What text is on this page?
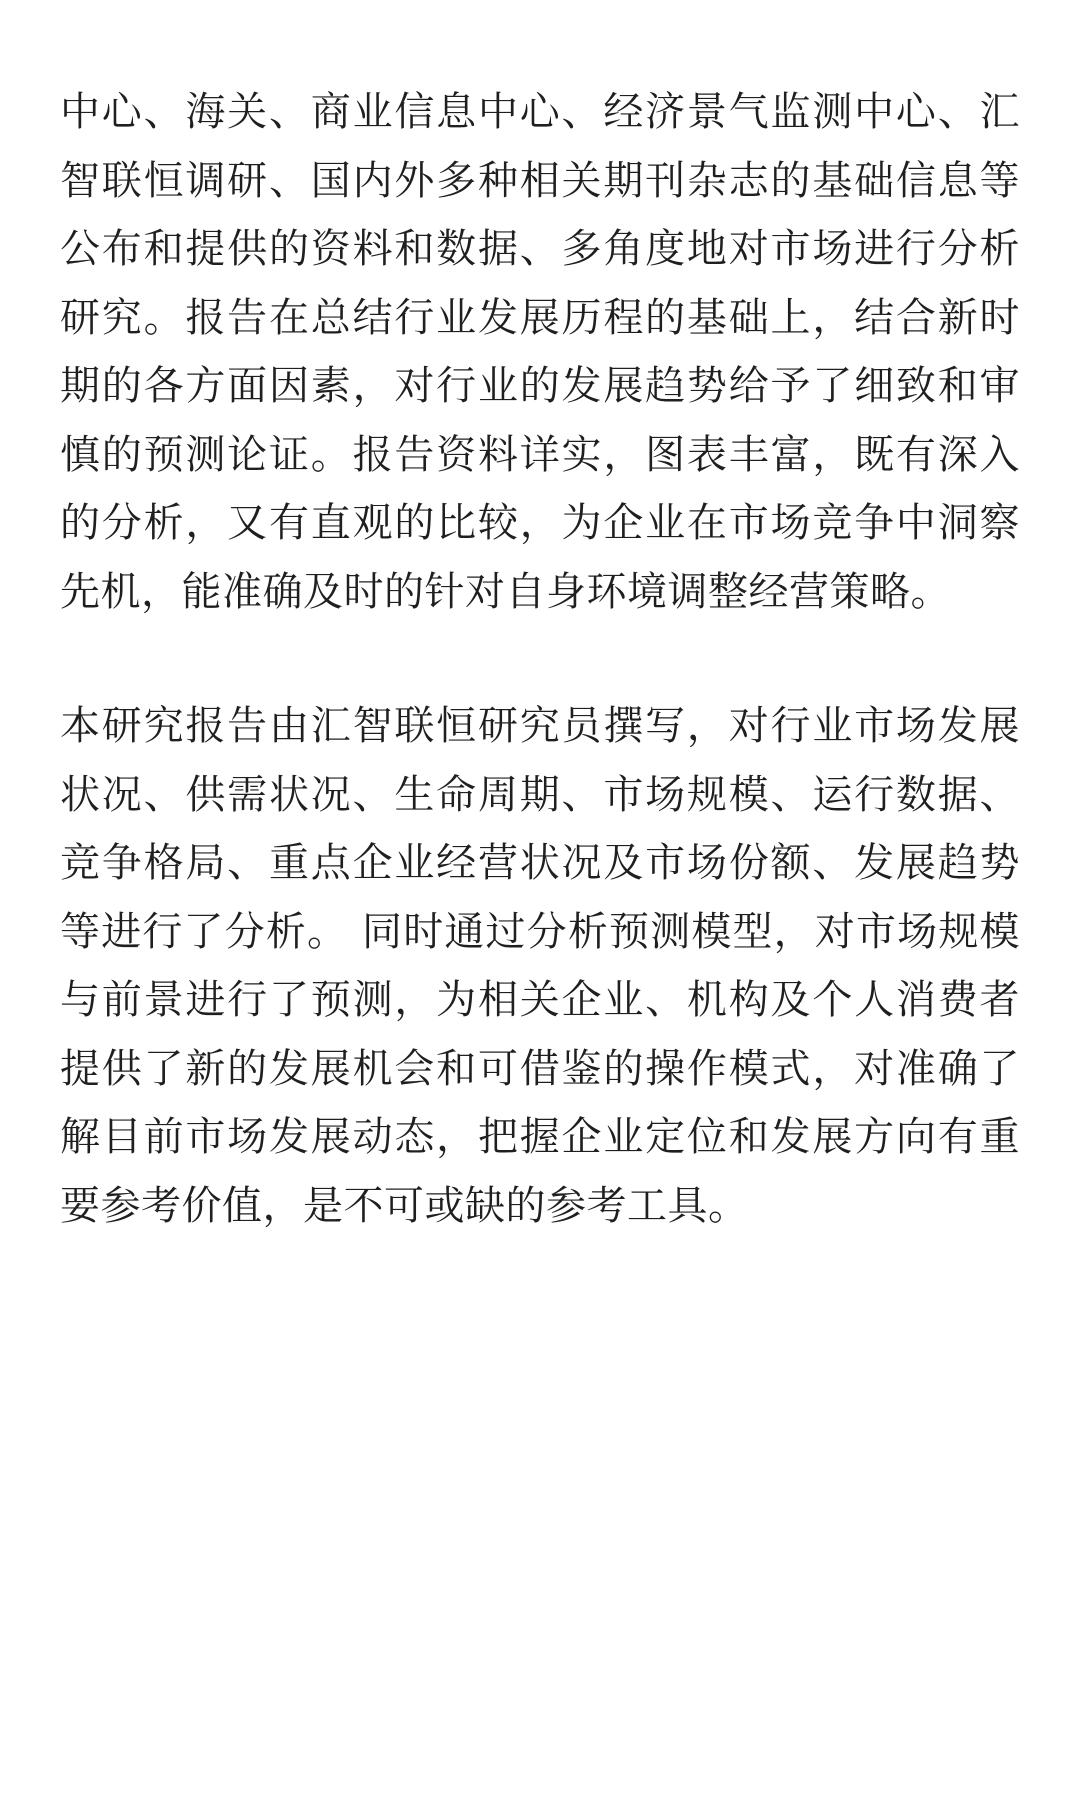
中心、海关、商业信息中心、经济景气监测中心、汇智联恒调研、国内外多种相关期刊杂志的基础信息等公布和提供的资料和数据、多角度地对市场进行分析研究。报告在总结行业发展历程的基础上，结合新时期的各方面因素，对行业的发展趋势给予了细致和审慎的预测论证。报告资料详实，图表丰富，既有深入的分析，又有直观的比较，为企业在市场竞争中洞察先机，能准确及时的针对自身环境调整经营策略。

本研究报告由汇智联恒研究员撰写，对行业市场发展状况、供需状况、生命周期、市场规模、运行数据、竞争格局、重点企业经营状况及市场份额、发展趋势等进行了分析。 同时通过分析预测模型，对市场规模与前景进行了预测，为相关企业、机构及个人消费者提供了新的发展机会和可借鉴的操作模式，对准确了解目前市场发展动态，把握企业定位和发展方向有重要参考价值，是不可或缺的参考工具。
